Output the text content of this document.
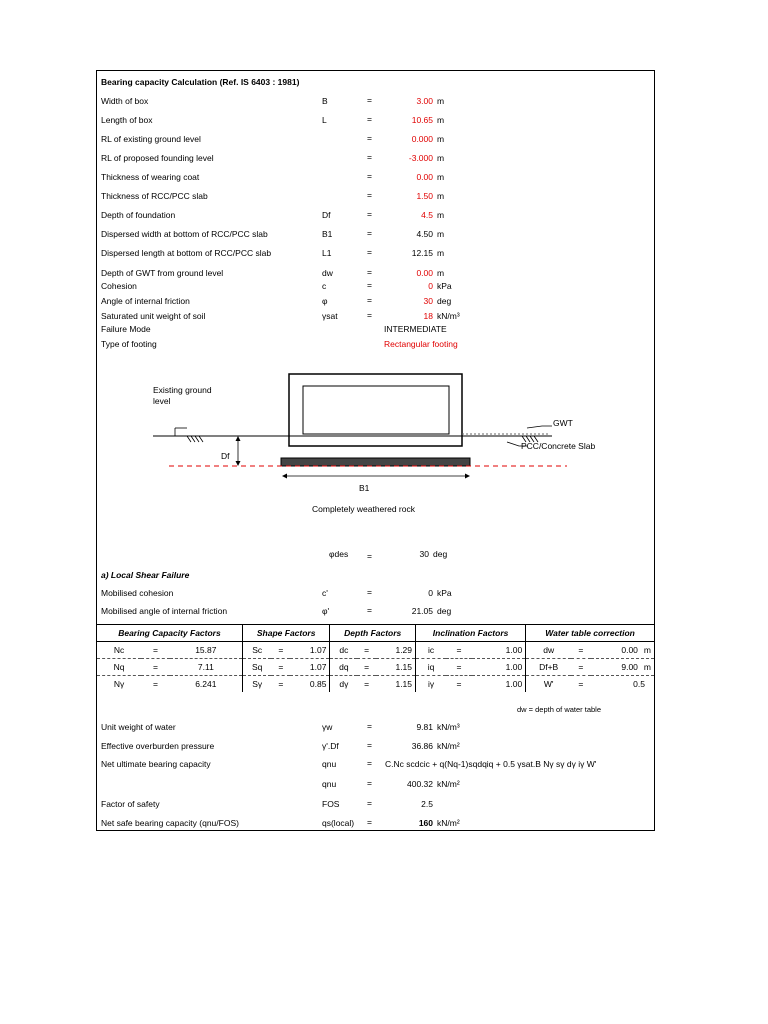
Bearing capacity Calculation (Ref. IS 6403 : 1981)
Width of box	B	=	3.00 m
Length of box	L	=	10.65 m
RL of existing ground level	=	0.000 m
RL of proposed founding level	=	-3.000 m
Thickness of wearing coat	=	0.00 m
Thickness of RCC/PCC slab	=	1.50 m
Depth of foundation	Df	=	4.5 m
Dispersed width at bottom of RCC/PCC slab	B1	=	4.50 m
Dispersed length at bottom of RCC/PCC slab	L1	=	12.15 m
Depth of GWT from ground level	dw	=	0.00 m
Cohesion	c	=	0 kPa
Angle of internal friction	φ	=	30 deg
Saturated unit weight of soil	γsat	=	18 kN/m³
Failure Mode	INTERMEDIATE
Type of footing	Rectangular footing
Existing ground level
Df
GWT
PCC/Concrete Slab
B1
Completely weathered rock
φdes =	30 deg
a) Local Shear Failure
Mobilised cohesion	c'	=	0 kPa
Mobilised angle of internal friction	φ'	=	21.05 deg
Bearing Capacity Factors			Shape Factors			Depth Factors			Inclination Factors			Water table correction		
Nc	=	15.87	Sc	=	1.07	dc	=	1.29	ic	=	1.00	dw	=	0.00 m
Nq	=	7.11	Sq	=	1.07	dq	=	1.15	iq	=	1.00	Df+B	=	9.00 m
Nγ	=	6.241	Sγ	=	0.85	dγ	=	1.15	iγ	=	1.00	W'	=	0.5
dw = depth of water table
Unit weight of water	γw	=	9.81 kN/m³
Effective overburden pressure	γ'.Df	=	36.86 kN/m²
Net ultimate bearing capacity	qnu	= C.Nc scdcic + q(Nq-1)sqdqiq + 0.5 γsat.B Nγ sγ dγ iγ W'
qnu	=	400.32 kN/m²
Factor of safety	FOS	=	2.5
Net safe bearing capacity (qnu/FOS)	qs(local) =	160 kN/m²
